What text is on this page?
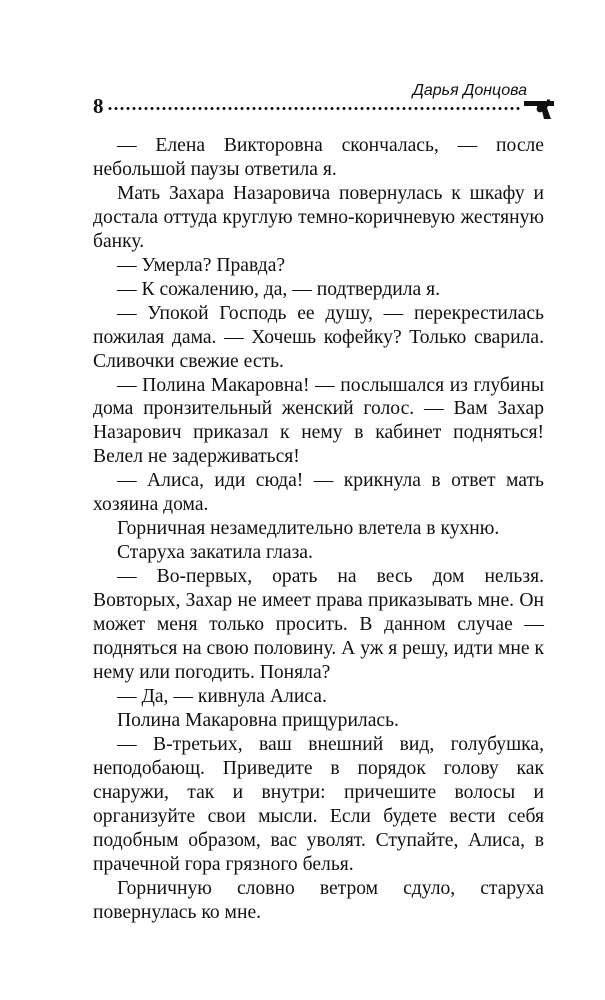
8
Дарья Донцова

— Елена Викторовна скончалась, — после небольшой паузы ответила я.

Мать Захара Назаровича повернулась к шкафу и достала оттуда круглую темно-коричневую жестяную банку.

— Умерла? Правда?

— К сожалению, да, — подтвердила я.

— Упокой Господь ее душу, — перекрестилась пожилая дама. — Хочешь кофейку? Только сварила. Сливочки свежие есть.

— Полина Макаровна! — послышался из глубины дома пронзительный женский голос. — Вам Захар Назарович приказал к нему в кабинет подняться! Велел не задерживаться!

— Алиса, иди сюда! — крикнула в ответ мать хозяина дома.

Горничная незамедлительно влетела в кухню.

Старуха закатила глаза.

— Во-первых, орать на весь дом нельзя. Вовторых, Захар не имеет права приказывать мне. Он может меня только просить. В данном случае — подняться на свою половину. А уж я решу, идти мне к нему или погодить. Поняла?

— Да, — кивнула Алиса.

Полина Макаровна прищурилась.

— В-третьих, ваш внешний вид, голубушка, неподобающ. Приведите в порядок голову как снаружи, так и внутри: причешите волосы и организуйте свои мысли. Если будете вести себя подобным образом, вас уволят. Ступайте, Алиса, в прачечной гора грязного белья.

Горничную словно ветром сдуло, старуха повернулась ко мне.
